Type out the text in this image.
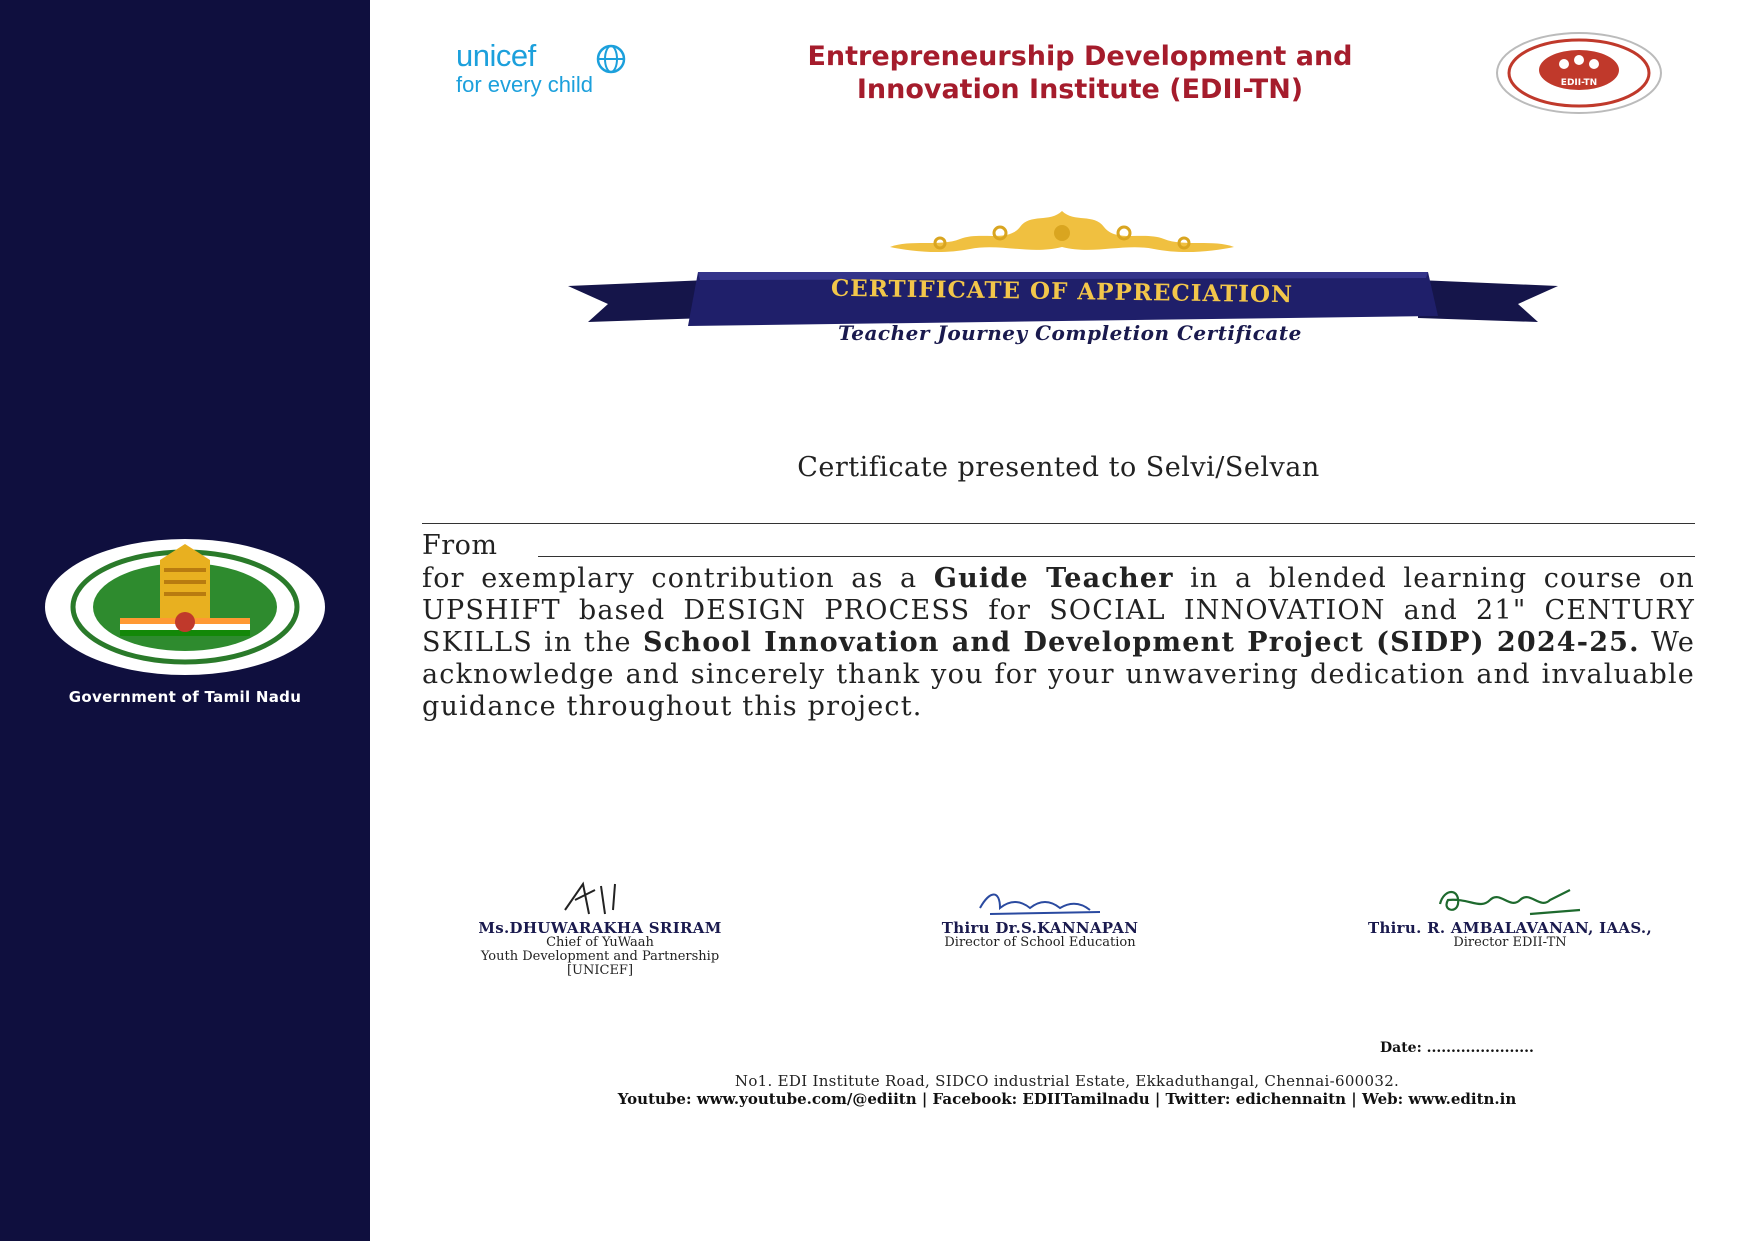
Government of Tamil Nadu
unicef
for every child
Entrepreneurship Development and
Innovation Institute (EDII-TN)	EDII-TN
CERTIFICATE OF APPRECIATION
Teacher Journey Completion Certificate
Certificate presented to Selvi/Selvan
From
for exemplary contribution as a Guide Teacher in a blended learning course on UPSHIFT based DESIGN PROCESS for SOCIAL INNOVATION and 21" CENTURY SKILLS in the School Innovation and Development Project (SIDP) 2024-25. We acknowledge and sincerely thank you for your unwavering dedication and invaluable guidance throughout this project.
Ms.DHUWARAKHA SRIRAM
Chief of YuWaah
Youth Development and Partnership
[UNICEF]
Thiru Dr.S.KANNAPAN
Director of School Education
Thiru. R. AMBALAVANAN, IAAS.,
Director EDII-TN
Date: ......................
No1. EDI Institute Road, SIDCO industrial Estate, Ekkaduthangal, Chennai-600032.
Youtube: www.youtube.com/@ediitn | Facebook: EDIITamilnadu | Twitter: edichennaitn | Web: www.editn.in
